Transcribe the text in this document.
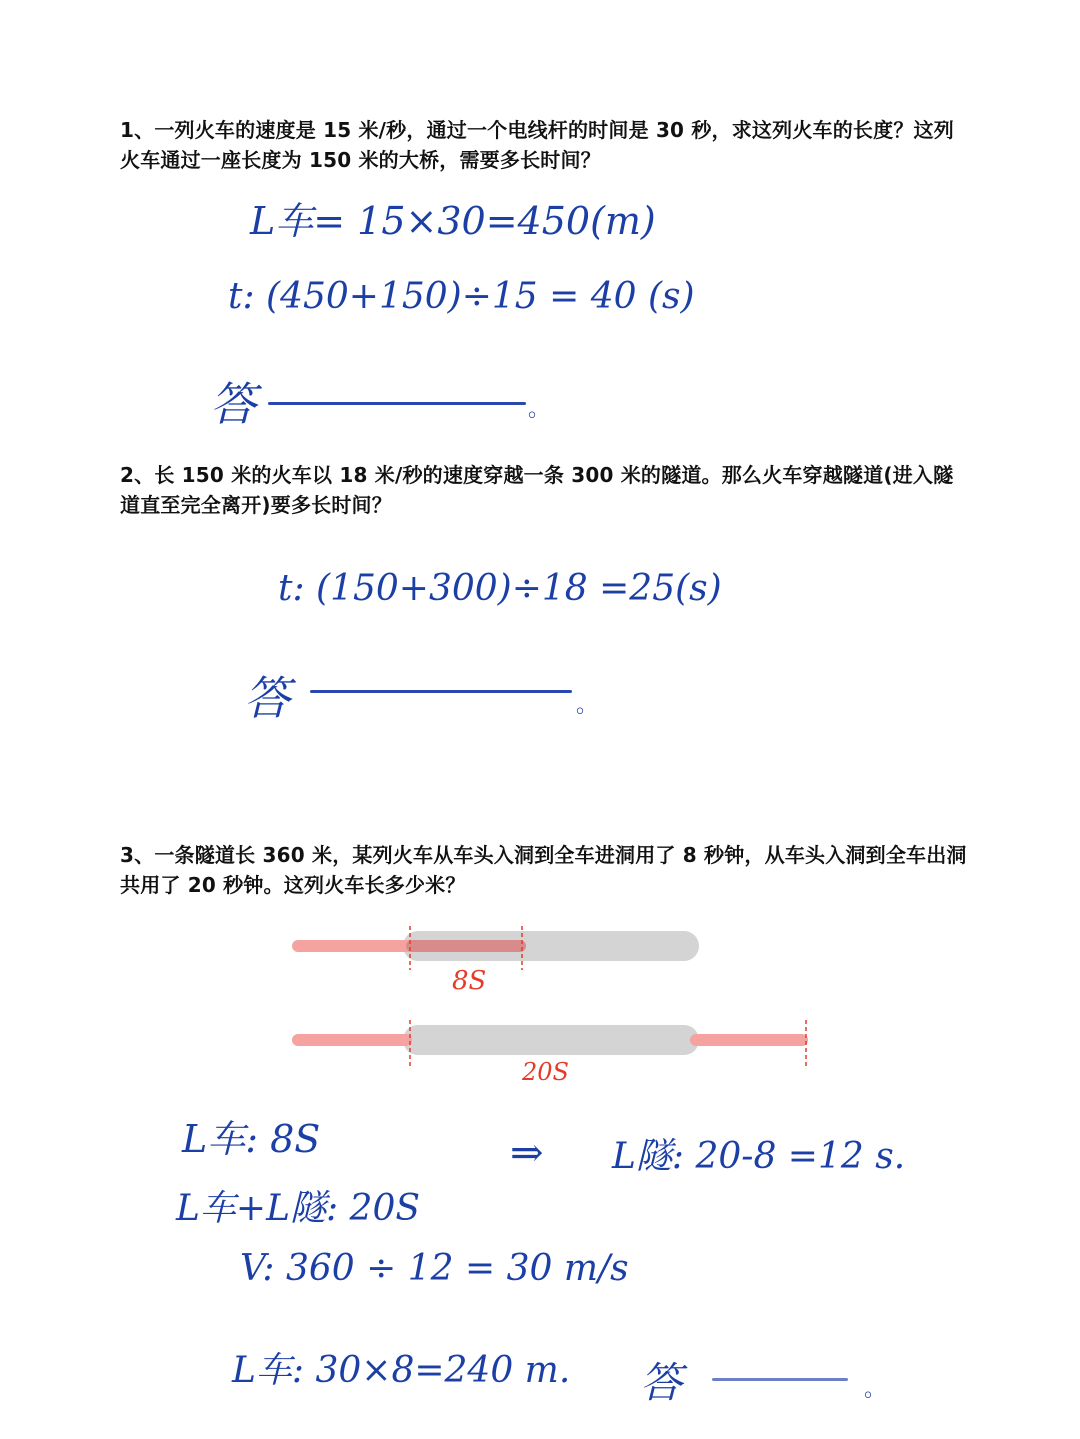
1、一列火车的速度是 15 米/秒，通过一个电线杆的时间是 30 秒，求这列火车的长度？这列火车通过一座长度为 150 米的大桥，需要多长时间？
2、长 150 米的火车以 18 米/秒的速度穿越一条 300 米的隧道。那么火车穿越隧道(进入隧道直至完全离开)要多长时间？
3、一条隧道长 360 米，某列火车从车头入洞到全车进洞用了 8 秒钟，从车头入洞到全车出洞共用了 20 秒钟。这列火车长多少米？
L车= 15×30=450(m)
t: (450+150)÷15 = 40 (s)
答	。
t: (150+300)÷18 =25(s)
答	。
8S
20S
L车: 8S	⇒ L隧: 20-8 =12 s.
L车+L隧: 20S
V: 360 ÷ 12 = 30 m/s
L车: 30×8=240 m. 答	。
